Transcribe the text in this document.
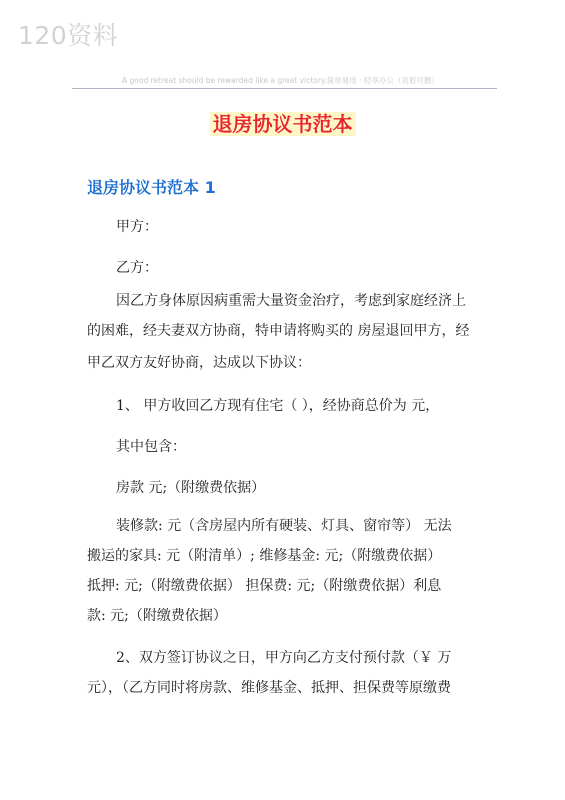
120资料
A good retreat should be rewarded like a great victory.简单易用 · 轻享办公（页眉可删）
退房协议书范本
退房协议书范本 1

甲方：

乙方：

因乙方身体原因病重需大量资金治疗，考虑到家庭经济上

的困难，经夫妻双方协商，特申请将购买的 房屋退回甲方，经

甲乙双方友好协商，达成以下协议：

1、 甲方收回乙方现有住宅（ ），经协商总价为 元，

其中包含：

房款 元;（附缴费依据）

装修款: 元（含房屋内所有硬装、灯具、窗帘等） 无法

搬运的家具: 元（附清单）; 维修基金: 元;（附缴费依据）

抵押: 元;（附缴费依据） 担保费: 元;（附缴费依据）利息

款: 元;（附缴费依据）

2、双方签订协议之日，甲方向乙方支付预付款（￥ 万

元），（乙方同时将房款、维修基金、抵押、担保费等原缴费
